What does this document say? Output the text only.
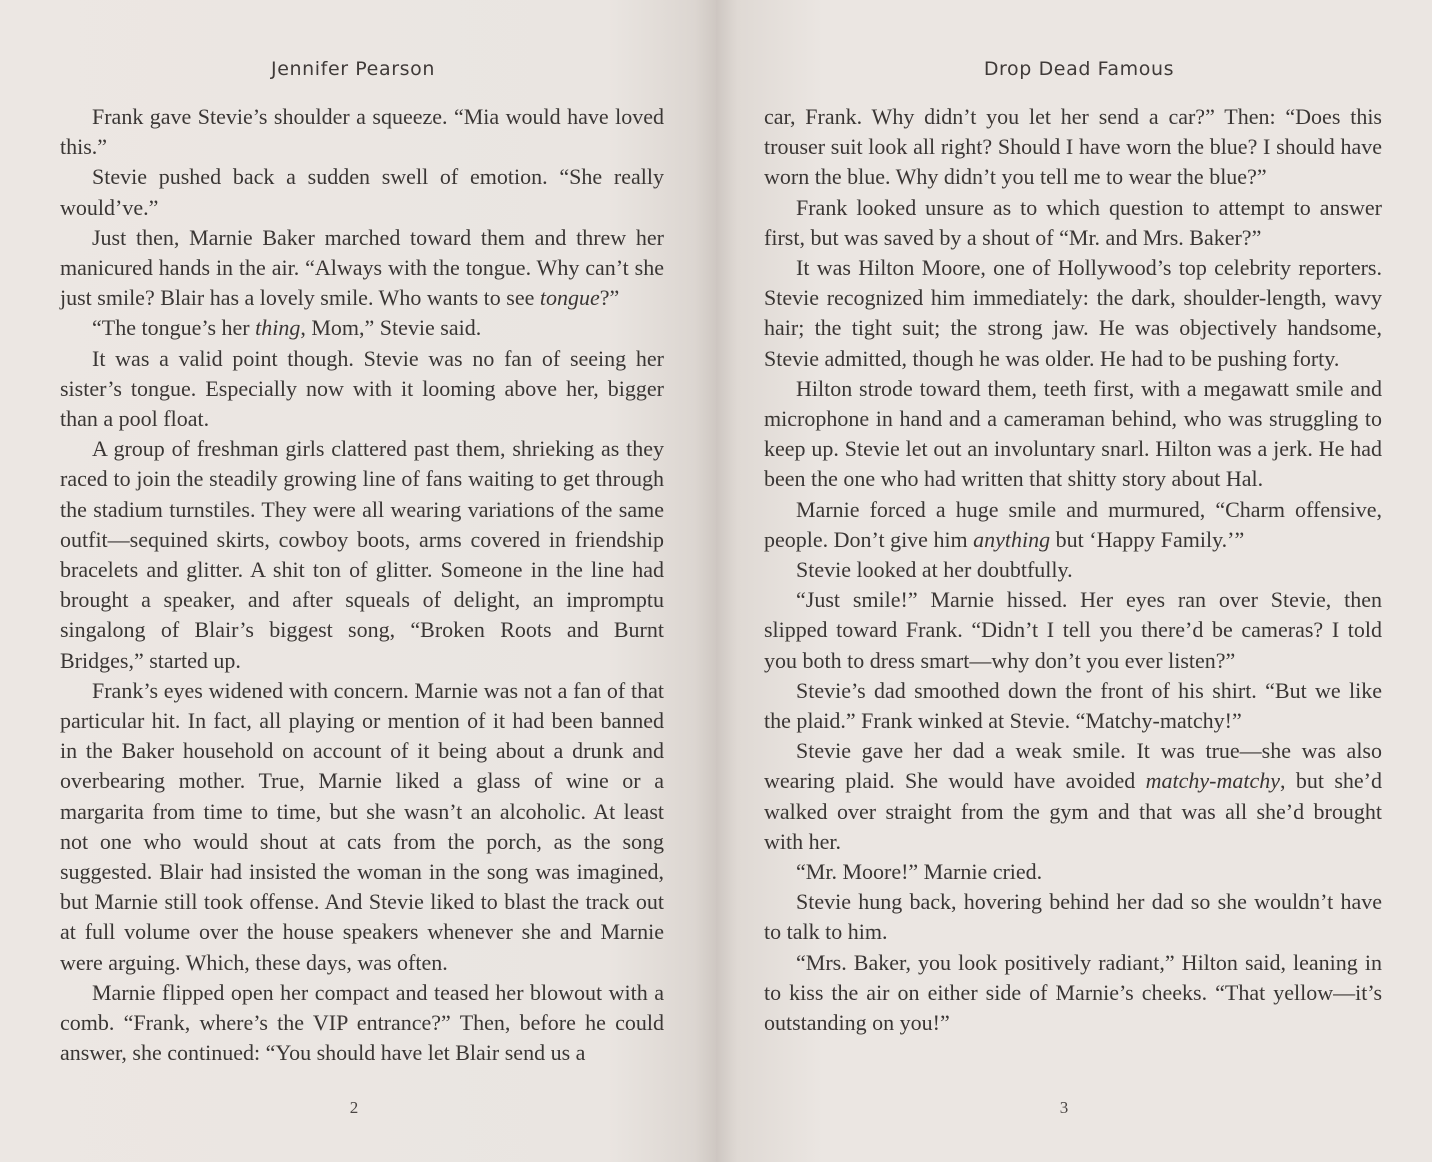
Jennifer Pearson

Frank gave Stevie’s shoulder a squeeze. “Mia would have loved this.”

Stevie pushed back a sudden swell of emotion. “She really would’ve.”

Just then, Marnie Baker marched toward them and threw her manicured hands in the air. “Always with the tongue. Why can’t she just smile? Blair has a lovely smile. Who wants to see tongue?”

“The tongue’s her thing, Mom,” Stevie said.

It was a valid point though. Stevie was no fan of seeing her sister’s tongue. Especially now with it looming above her, bigger than a pool float.

A group of freshman girls clattered past them, shrieking as they raced to join the steadily growing line of fans waiting to get through the stadium turnstiles. They were all wearing variations of the same outfit—sequined skirts, cowboy boots, arms covered in friendship bracelets and glitter. A shit ton of glitter. Someone in the line had brought a speaker, and after squeals of delight, an impromptu singalong of Blair’s biggest song, “Broken Roots and Burnt Bridges,” started up.

Frank’s eyes widened with concern. Marnie was not a fan of that particular hit. In fact, all playing or mention of it had been banned in the Baker household on account of it being about a drunk and overbearing mother. True, Marnie liked a glass of wine or a margarita from time to time, but she wasn’t an alcoholic. At least not one who would shout at cats from the porch, as the song suggested. Blair had insisted the woman in the song was imagined, but Marnie still took offense. And Stevie liked to blast the track out at full volume over the house speakers whenever she and Marnie were arguing. Which, these days, was often.

Marnie flipped open her compact and teased her blowout with a comb. “Frank, where’s the VIP entrance?” Then, before he could answer, she continued: “You should have let Blair send us a

2
Drop Dead Famous

car, Frank. Why didn’t you let her send a car?” Then: “Does this trouser suit look all right? Should I have worn the blue? I should have worn the blue. Why didn’t you tell me to wear the blue?”

Frank looked unsure as to which question to attempt to answer first, but was saved by a shout of “Mr. and Mrs. Baker?”

It was Hilton Moore, one of Hollywood’s top celebrity reporters. Stevie recognized him immediately: the dark, shoulder-length, wavy hair; the tight suit; the strong jaw. He was objectively handsome, Stevie admitted, though he was older. He had to be pushing forty.

Hilton strode toward them, teeth first, with a megawatt smile and microphone in hand and a cameraman behind, who was struggling to keep up. Stevie let out an involuntary snarl. Hilton was a jerk. He had been the one who had written that shitty story about Hal.

Marnie forced a huge smile and murmured, “Charm offensive, people. Don’t give him anything but ‘Happy Family.’”

Stevie looked at her doubtfully.

“Just smile!” Marnie hissed. Her eyes ran over Stevie, then slipped toward Frank. “Didn’t I tell you there’d be cameras? I told you both to dress smart—why don’t you ever listen?”

Stevie’s dad smoothed down the front of his shirt. “But we like the plaid.” Frank winked at Stevie. “Matchy-matchy!”

Stevie gave her dad a weak smile. It was true—she was also wearing plaid. She would have avoided matchy-matchy, but she’d walked over straight from the gym and that was all she’d brought with her.

“Mr. Moore!” Marnie cried.

Stevie hung back, hovering behind her dad so she wouldn’t have to talk to him.

“Mrs. Baker, you look positively radiant,” Hilton said, leaning in to kiss the air on either side of Marnie’s cheeks. “That yellow—it’s outstanding on you!”

3
